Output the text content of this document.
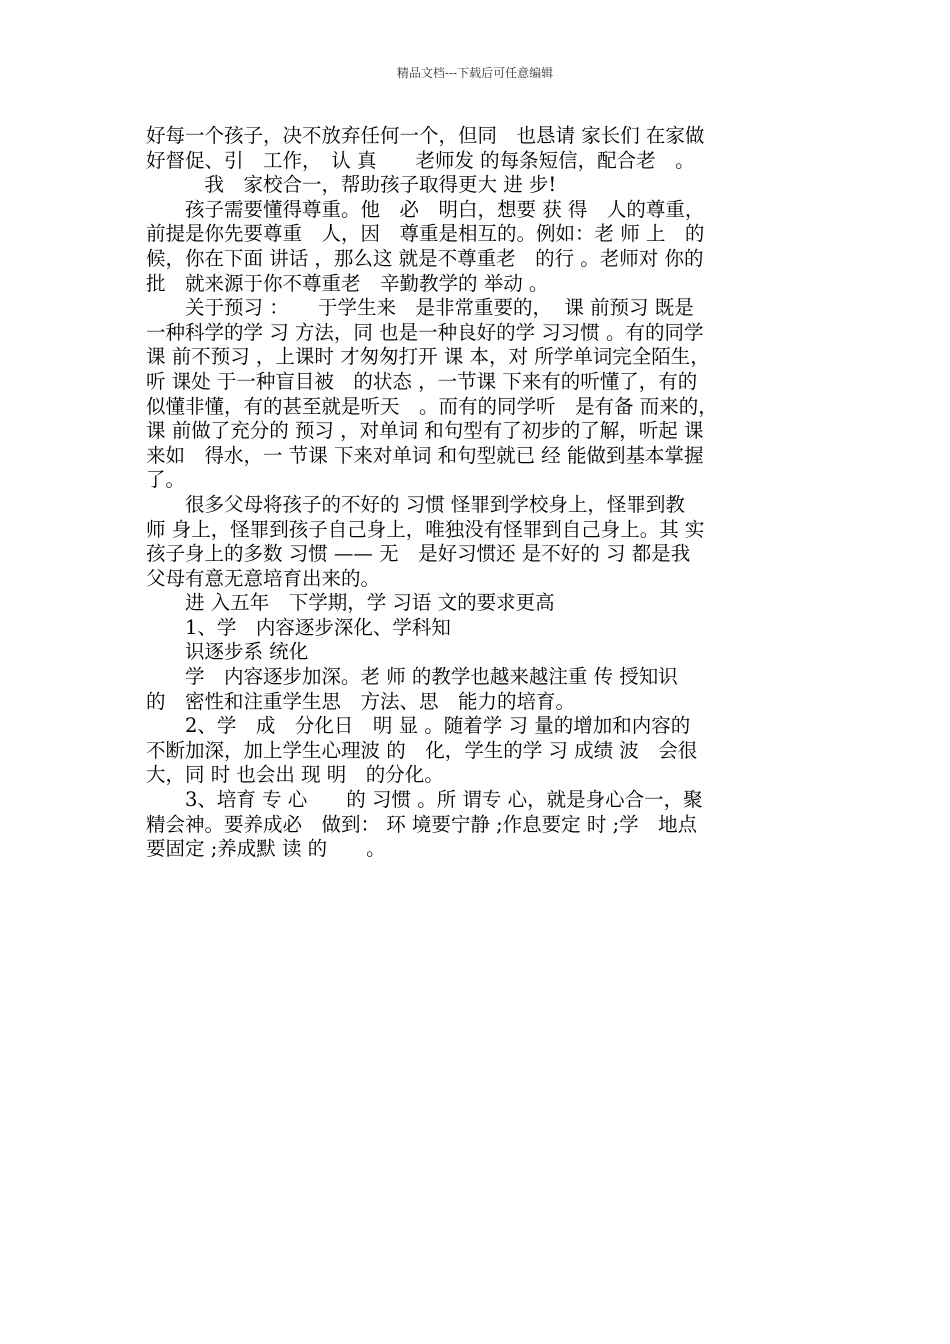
精品文档---下载后可任意编辑
好每一个孩子，决不放弃任何一个，但同　也恳请 家长们 在家做
好督促、引　工作，　认 真　　老师发 的每条短信，配合老　。
　　　我　家校合一，帮助孩子取得更大 进 步!
　　孩子需要懂得尊重。他　必　明白，想要 获 得　人的尊重，
前提是你先要尊重　人，因　尊重是相互的。例如：老 师 上　的
候，你在下面 讲话 ，那么这 就是不尊重老　的行 。老师对 你的
批　就来源于你不尊重老　辛勤教学的 举动 。
　　关于预习 ：　　于学生来　是非常重要的，  课 前预习 既是
一种科学的学 习 方法，同 也是一种良好的学 习习惯 。有的同学
课 前不预习 ，上课时 才匆匆打开 课 本，对 所学单词完全陌生，
听 课处 于一种盲目被　的状态 ，一节课 下来有的听懂了，有的
似懂非懂，有的甚至就是听天　。而有的同学听　是有备 而来的，
课 前做了充分的 预习 ，对单词 和句型有了初步的了解，听起 课
来如　得水，一 节课 下来对单词 和句型就已 经 能做到基本掌握
了。
　　很多父母将孩子的不好的 习惯 怪罪到学校身上，怪罪到教
师 身上，怪罪到孩子自己身上，唯独没有怪罪到自己身上。其 实
孩子身上的多数 习惯 —— 无　是好习惯还 是不好的 习 都是我
父母有意无意培育出来的。
　　进 入五年　下学期，学 习语 文的要求更高
　　1、学　内容逐步深化、学科知
　　识逐步系 统化
　　学　内容逐步加深。老 师 的教学也越来越注重 传 授知识
的　密性和注重学生思　方法、思　能力的培育。
　　2、学　成　分化日　明 显 。随着学 习 量的增加和内容的
不断加深，加上学生心理波 的　化，学生的学 习 成绩 波　会很
大，同 时 也会出 现 明　的分化。
　　3、培育 专 心　　的 习惯 。所 谓专 心，就是身心合一，聚
精会神。要养成必　做到： 环 境要宁静 ;作息要定 时 ;学　地点
要固定 ;养成默 读 的　　。
